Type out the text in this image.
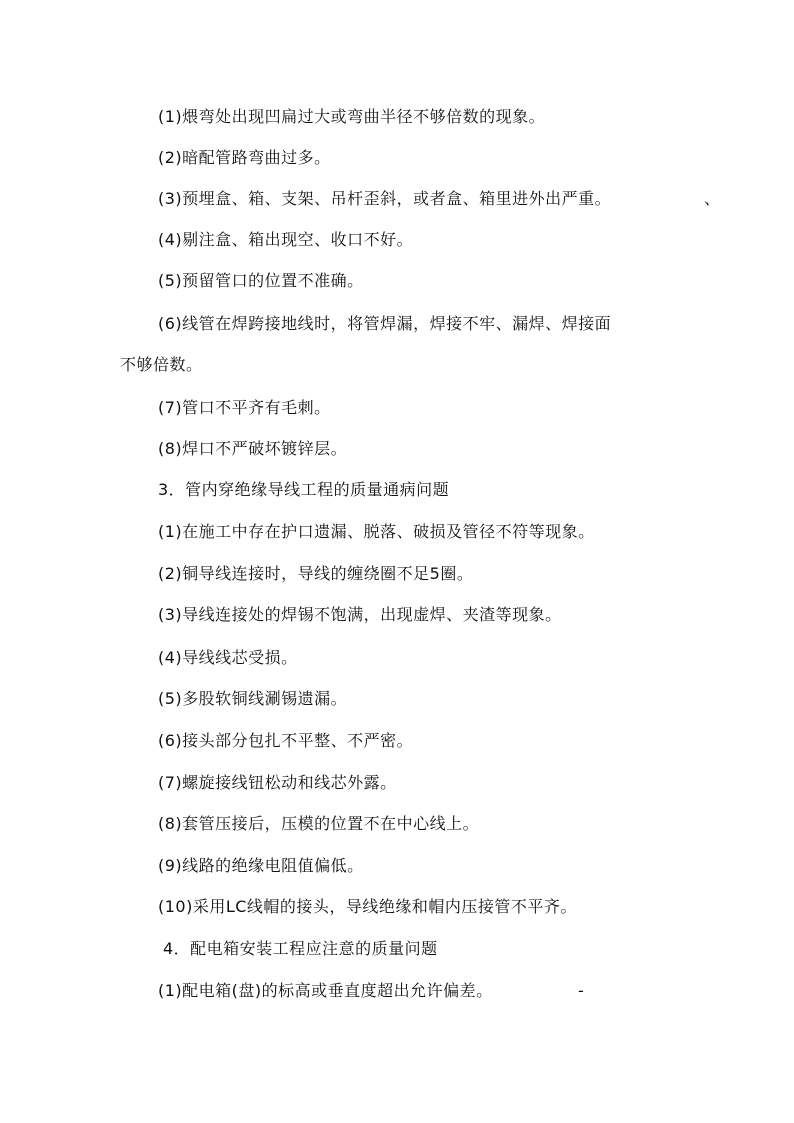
(1)煨弯处出现凹扁过大或弯曲半径不够倍数的现象。
(2)暗配管路弯曲过多。
(3)预埋盒、箱、支架、吊杆歪斜，或者盒、箱里进外出严重。
(4)剔注盒、箱出现空、收口不好。
(5)预留管口的位置不准确。
(6)线管在焊跨接地线时，将管焊漏，焊接不牢、漏焊、焊接面
不够倍数。
(7)管口不平齐有毛刺。
(8)焊口不严破坏镀锌层。
3．管内穿绝缘导线工程的质量通病问题
(1)在施工中存在护口遗漏、脱落、破损及管径不符等现象。
(2)铜导线连接时，导线的缠绕圈不足5圈。
(3)导线连接处的焊锡不饱满，出现虚焊、夹渣等现象。
(4)导线线芯受损。
(5)多股软铜线涮锡遗漏。
(6)接头部分包扎不平整、不严密。
(7)螺旋接线钮松动和线芯外露。
(8)套管压接后，压模的位置不在中心线上。
(9)线路的绝缘电阻值偏低。
(10)采用LC线帽的接头，导线绝缘和帽内压接管不平齐。
4．配电箱安装工程应注意的质量问题
(1)配电箱(盘)的标高或垂直度超出允许偏差。
、
-
